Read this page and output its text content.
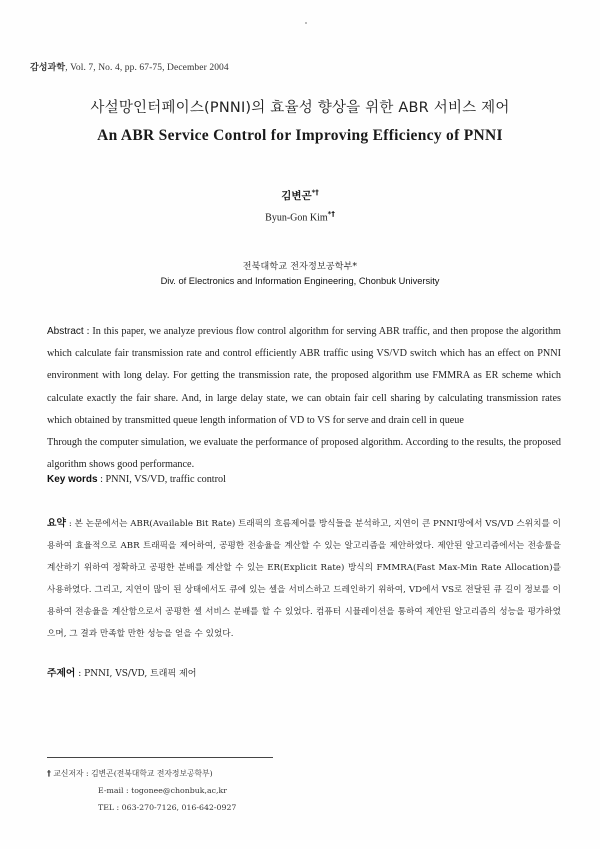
감성과학, Vol. 7, No. 4, pp. 67-75, December 2004
사설망인터페이스(PNNI)의 효율성 향상을 위한 ABR 서비스 제어
An ABR Service Control for Improving Efficiency of PNNI
김변곤*†
Byun-Gon Kim*†
전북대학교 전자정보공학부*
Div. of Electronics and Information Engineering, Chonbuk University
Abstract : In this paper, we analyze previous flow control algorithm for serving ABR traffic, and then propose the algorithm which calculate fair transmission rate and control efficiently ABR traffic using VS/VD switch which has an effect on PNNI environment with long delay. For getting the transmission rate, the proposed algorithm use FMMRA as ER scheme which calculate exactly the fair share. And, in large delay state, we can obtain fair cell sharing by calculating transmission rates which obtained by transmitted queue length information of VD to VS for serve and drain cell in queue
Through the computer simulation, we evaluate the performance of proposed algorithm. According to the results, the proposed algorithm shows good performance.
Key words : PNNI, VS/VD, traffic control
요약 : 본 논문에서는 ABR(Available Bit Rate) 트래픽의 흐름제어를 방식들을 분석하고, 지연이 큰 PNNI망에서 VS/VD 스위치를 이용하여 효율적으로 ABR 트래픽을 제어하여, 공평한 전송율을 계산할 수 있는 알고리즘을 제안하였다. 제안된 알고리즘에서는 전송률을 계산하기 위하여 정확하고 공평한 분배를 계산할 수 있는 ER(Explicit Rate) 방식의 FMMRA(Fast Max-Min Rate Allocation)를 사용하였다. 그리고, 지연이 많이 된 상태에서도 큐에 있는 셀을 서비스하고 드레인하기 위하여, VD에서 VS로 전달된 큐 길이 정보를 이용하여 전송율을 계산함으로서 공평한 셀 서비스 분배를 할 수 있었다. 컴퓨터 시뮬레이션을 통하여 제안된 알고리즘의 성능을 평가하였으며, 그 결과 만족할 만한 성능을 얻을 수 있었다.
주제어 : PNNI, VS/VD, 트래픽 제어
† 교신저자 : 김변곤(전북대학교 전자정보공학부)
E-mail : togonee@chonbuk,ac,kr
TEL : 063-270-7126, 016-642-0927
